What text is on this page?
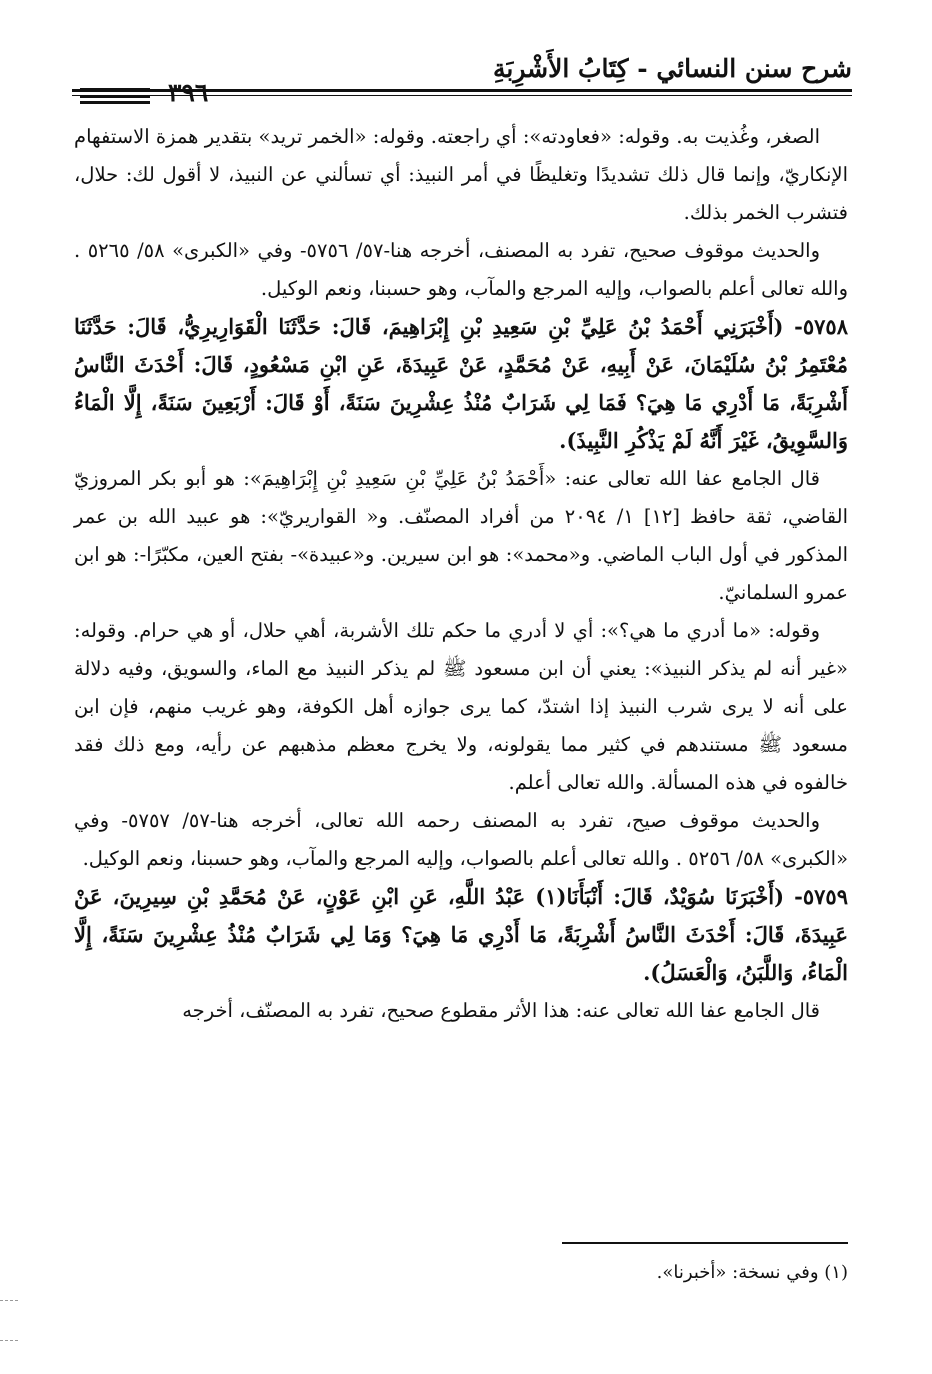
شرح سنن النسائي - كِتَابُ الأَشْرِبَةِ
٣٩٦

الصغر، وغُذيت به. وقوله: «فعاودته»: أي راجعته. وقوله: «الخمر تريد» بتقدير همزة الاستفهام الإنكاريّ، وإنما قال ذلك تشديدًا وتغليظًا في أمر النبيذ: أي تسألني عن النبيذ، لا أقول لك: حلال، فتشرب الخمر بذلك.

والحديث موقوف صحيح، تفرد به المصنف، أخرجه هنا-٥٧/ ٥٧٥٦- وفي «الكبرى» ٥٨/ ٥٢٦٥ . والله تعالى أعلم بالصواب، وإليه المرجع والمآب، وهو حسبنا، ونعم الوكيل.

٥٧٥٨- (أَخْبَرَنِي أَحْمَدُ بْنُ عَلِيِّ بْنِ سَعِيدِ بْنِ إِبْرَاهِيمَ، قَالَ: حَدَّثَنَا الْقَوَارِيرِيُّ، قَالَ: حَدَّثَنَا مُعْتَمِرُ بْنُ سُلَيْمَانَ، عَنْ أَبِيهِ، عَنْ مُحَمَّدٍ، عَنْ عَبِيدَةَ، عَنِ ابْنِ مَسْعُودٍ، قَالَ: أَحْدَثَ النَّاسُ أَشْرِبَةً، مَا أَدْرِي مَا هِيَ؟ فَمَا لِي شَرَابٌ مُنْذُ عِشْرِينَ سَنَةً، أَوْ قَالَ: أَرْبَعِينَ سَنَةً، إِلَّا الْمَاءُ وَالسَّوِيقُ، غَيْرَ أَنَّهُ لَمْ يَذْكُرِ النَّبِيذَ).

قال الجامع عفا الله تعالى عنه: «أَحْمَدُ بْنُ عَلِيِّ بْنِ سَعِيدِ بْنِ إِبْرَاهِيمَ»: هو أبو بكر المروزيّ القاضي، ثقة حافظ [١٢] ١/ ٢٠٩٤ من أفراد المصنّف. و« القواريريّ»: هو عبيد الله بن عمر المذكور في أول الباب الماضي. و«محمد»: هو ابن سيرين. و«عبيدة»- بفتح العين، مكبّرًا-: هو ابن عمرو السلمانيّ.

وقوله: «ما أدري ما هي؟»: أي لا أدري ما حكم تلك الأشربة، أهي حلال، أو هي حرام. وقوله: «غير أنه لم يذكر النبيذ»: يعني أن ابن مسعود ﷺ لم يذكر النبيذ مع الماء، والسويق، وفيه دلالة على أنه لا يرى شرب النبيذ إذا اشتدّ، كما يرى جوازه أهل الكوفة، وهو غريب منهم، فإن ابن مسعود ﷺ مستندهم في كثير مما يقولونه، ولا يخرج معظم مذهبهم عن رأيه، ومع ذلك فقد خالفوه في هذه المسألة. والله تعالى أعلم.

والحديث موقوف صيح، تفرد به المصنف رحمه الله تعالى، أخرجه هنا-٥٧/ ٥٧٥٧- وفي «الكبرى» ٥٨/ ٥٢٥٦ . والله تعالى أعلم بالصواب، وإليه المرجع والمآب، وهو حسبنا، ونعم الوكيل.

٥٧٥٩- (أَخْبَرَنَا سُوَيْدٌ، قَالَ: أَنْبَأَنَا(١) عَبْدُ اللَّهِ، عَنِ ابْنِ عَوْنٍ، عَنْ مُحَمَّدِ بْنِ سِيرِينَ، عَنْ عَبِيدَةَ، قَالَ: أَحْدَثَ النَّاسُ أَشْرِبَةً، مَا أَدْرِي مَا هِيَ؟ وَمَا لِي شَرَابٌ مُنْذُ عِشْرِينَ سَنَةً، إِلَّا الْمَاءُ، وَاللَّبَنُ، وَالْعَسَلُ).

قال الجامع عفا الله تعالى عنه: هذا الأثر مقطوع صحيح، تفرد به المصنّف، أخرجه

(١) وفي نسخة: «أخبرنا».
